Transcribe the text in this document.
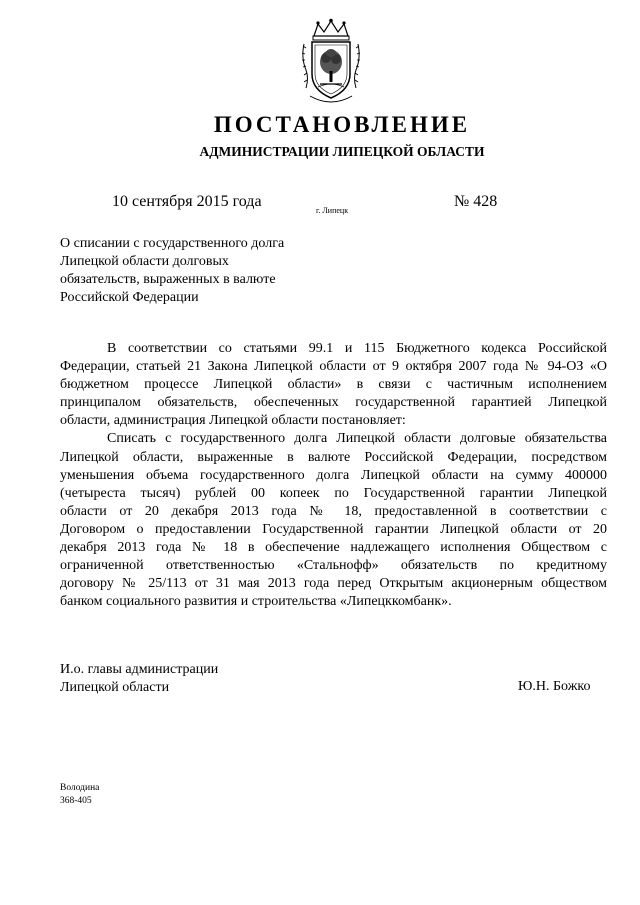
ПОСТАНОВЛЕНИЕ
АДМИНИСТРАЦИИ ЛИПЕЦКОЙ ОБЛАСТИ
10 сентября 2015 года
г. Липецк
№ 428
О списании с государственного долга
Липецкой области долговых
обязательств, выраженных в валюте
Российской Федерации
В соответствии со статьями 99.1 и 115 Бюджетного кодекса Российской
Федерации, статьей 21 Закона Липецкой области от 9 октября 2007 года № 94-ОЗ «О
бюджетном процессе Липецкой области» в связи с частичным исполнением
принципалом обязательств, обеспеченных государственной гарантией Липецкой
области, администрация Липецкой области постановляет:
Списать с государственного долга Липецкой области долговые обязательства
Липецкой области, выраженные в валюте Российской Федерации, посредством
уменьшения объема государственного долга Липецкой области на сумму 400000
(четыреста тысяч) рублей 00 копеек по Государственной гарантии Липецкой
области от 20 декабря 2013 года № 18, предоставленной в соответствии с
Договором о предоставлении Государственной гарантии Липецкой области от 20
декабря 2013 года № 18 в обеспечение надлежащего исполнения Обществом с
ограниченной ответственностью «Стальнофф» обязательств по кредитному
договору № 25/113 от 31 мая 2013 года перед Открытым акционерным обществом
банком социального развития и строительства «Липецккомбанк».
И.о. главы администрации
Липецкой области	Ю.Н. Божко
Володина
368-405
